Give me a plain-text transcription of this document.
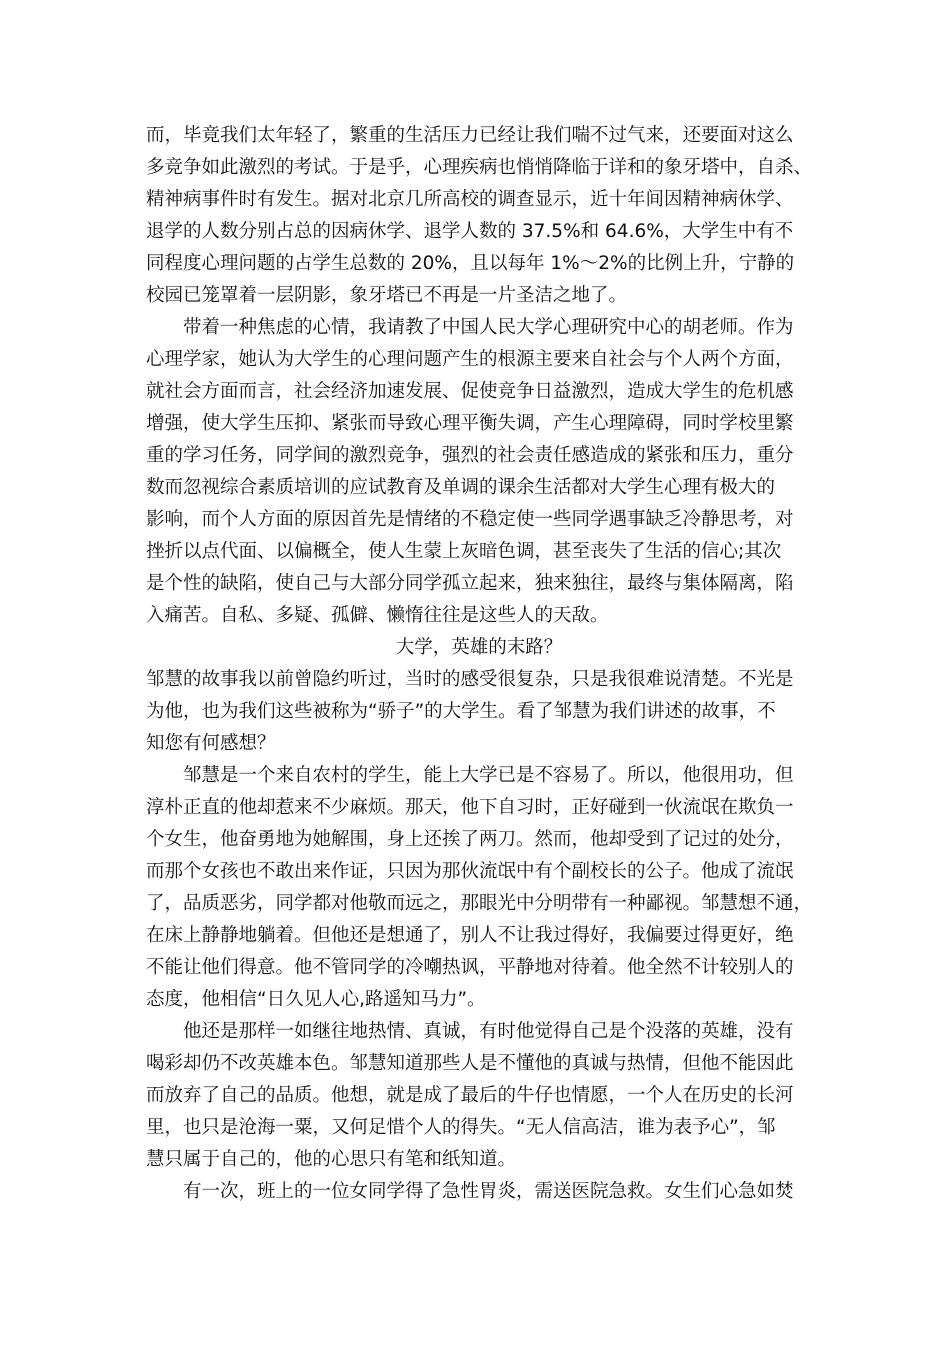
而，毕竟我们太年轻了，繁重的生活压力已经让我们喘不过气来，还要面对这么
多竞争如此激烈的考试。于是乎，心理疾病也悄悄降临于详和的象牙塔中，自杀、
精神病事件时有发生。据对北京几所高校的调查显示，近十年间因精神病休学、
退学的人数分别占总的因病休学、退学人数的 37.5%和 64.6%，大学生中有不
同程度心理问题的占学生总数的 20%，且以每年 1%～2%的比例上升，宁静的
校园已笼罩着一层阴影，象牙塔已不再是一片圣洁之地了。
带着一种焦虑的心情，我请教了中国人民大学心理研究中心的胡老师。作为
心理学家，她认为大学生的心理问题产生的根源主要来自社会与个人两个方面，
就社会方面而言，社会经济加速发展、促使竞争日益激烈，造成大学生的危机感
增强，使大学生压抑、紧张而导致心理平衡失调，产生心理障碍，同时学校里繁
重的学习任务，同学间的激烈竞争，强烈的社会责任感造成的紧张和压力，重分
数而忽视综合素质培训的应试教育及单调的课余生活都对大学生心理有极大的
影响，而个人方面的原因首先是情绪的不稳定使一些同学遇事缺乏冷静思考，对
挫折以点代面、以偏概全，使人生蒙上灰暗色调，甚至丧失了生活的信心;其次
是个性的缺陷，使自己与大部分同学孤立起来，独来独往，最终与集体隔离，陷
入痛苦。自私、多疑、孤僻、懒惰往往是这些人的天敌。
大学，英雄的末路？
邹慧的故事我以前曾隐约听过，当时的感受很复杂，只是我很难说清楚。不光是
为他，也为我们这些被称为“骄子”的大学生。看了邹慧为我们讲述的故事，不
知您有何感想？
邹慧是一个来自农村的学生，能上大学已是不容易了。所以，他很用功，但
淳朴正直的他却惹来不少麻烦。那天，他下自习时，正好碰到一伙流氓在欺负一
个女生，他奋勇地为她解围，身上还挨了两刀。然而，他却受到了记过的处分，
而那个女孩也不敢出来作证，只因为那伙流氓中有个副校长的公子。他成了流氓
了，品质恶劣，同学都对他敬而远之，那眼光中分明带有一种鄙视。邹慧想不通，
在床上静静地躺着。但他还是想通了，别人不让我过得好，我偏要过得更好，绝
不能让他们得意。他不管同学的冷嘲热讽，平静地对待着。他全然不计较别人的
态度，他相信“日久见人心,路遥知马力”。
他还是那样一如继往地热情、真诚，有时他觉得自己是个没落的英雄，没有
喝彩却仍不改英雄本色。邹慧知道那些人是不懂他的真诚与热情，但他不能因此
而放弃了自己的品质。他想，就是成了最后的牛仔也情愿，一个人在历史的长河
里，也只是沧海一粟，又何足惜个人的得失。“无人信高洁，谁为表予心”，邹
慧只属于自己的，他的心思只有笔和纸知道。
有一次，班上的一位女同学得了急性胃炎，需送医院急救。女生们心急如焚
